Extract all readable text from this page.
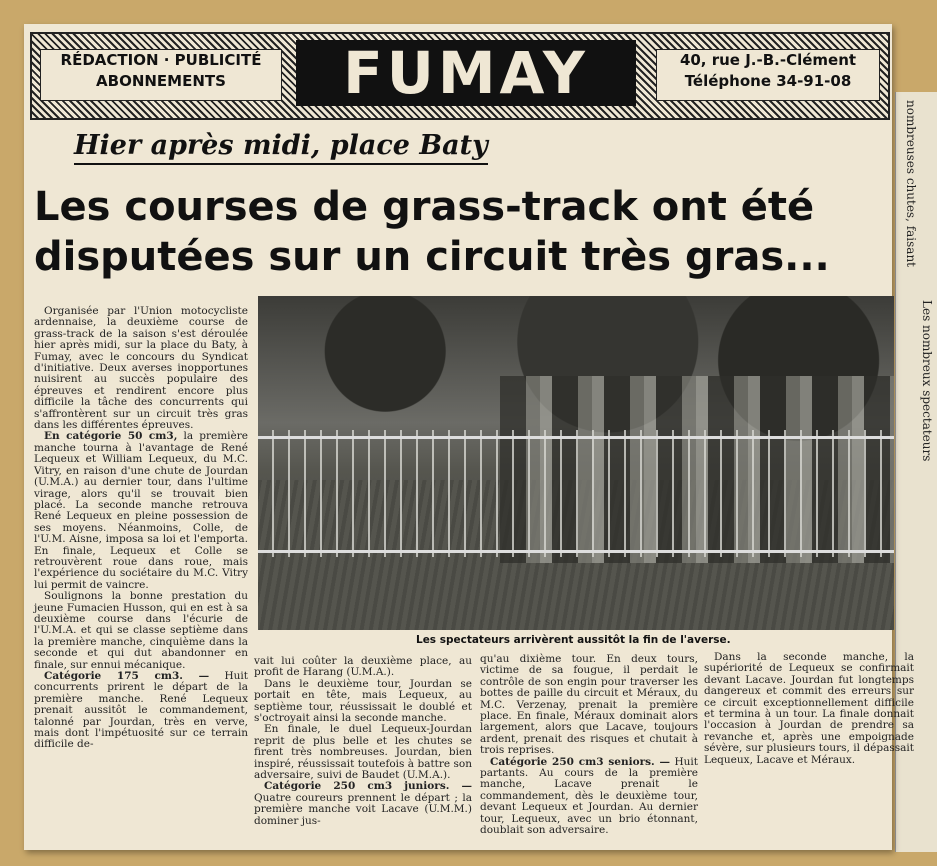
nombreuses chutes, faisant
Les nombreux spectateurs
RÉDACTION · PUBLICITÉ
ABONNEMENTS	FUMAY	40, rue J.-B.-Clément
Téléphone 34-91-08
Hier après midi, place Baty
Les courses de grass-track ont été disputées sur un circuit très gras...

Organisée par l'Union motocycliste ardennaise, la deuxième course de grass-track de la saison s'est déroulée hier après midi, sur la place du Baty, à Fumay, avec le concours du Syndicat d'initiative. Deux averses inopportunes nuisirent au succès populaire des épreuves et rendirent encore plus difficile la tâche des concurrents qui s'affrontèrent sur un circuit très gras dans les différentes épreuves.

En catégorie 50 cm3, la première manche tourna à l'avantage de René Lequeux et William Lequeux, du M.C. Vitry, en raison d'une chute de Jourdan (U.M.A.) au dernier tour, dans l'ultime virage, alors qu'il se trouvait bien placé. La seconde manche retrouva René Lequeux en pleine possession de ses moyens. Néanmoins, Colle, de l'U.M. Aisne, imposa sa loi et l'emporta. En finale, Lequeux et Colle se retrouvèrent roue dans roue, mais l'expérience du sociétaire du M.C. Vitry lui permit de vaincre.

Soulignons la bonne prestation du jeune Fumacien Husson, qui en est à sa deuxième course dans l'écurie de l'U.M.A. et qui se classe septième dans la première manche, cinquième dans la seconde et qui dut abandonner en finale, sur ennui mécanique.

Catégorie 175 cm3. — Huit concurrents prirent le départ de la première manche. René Lequeux prenait aussitôt le commandement, talonné par Jourdan, très en verve, mais dont l'impétuosité sur ce terrain difficile de-

Les spectateurs arrivèrent aussitôt la fin de l'averse.

vait lui coûter la deuxième place, au profit de Harang (U.M.A.).

Dans le deuxième tour, Jourdan se portait en tête, mais Lequeux, au septième tour, réussissait le doublé et s'octroyait ainsi la seconde manche.

En finale, le duel Lequeux-Jourdan reprit de plus belle et les chutes se firent très nombreuses. Jourdan, bien inspiré, réussissait toutefois à battre son adversaire, suivi de Baudet (U.M.A.).

Catégorie 250 cm3 juniors. — Quatre coureurs prennent le départ ; la première manche voit Lacave (U.M.M.) dominer jus-

qu'au dixième tour. En deux tours, victime de sa fougue, il perdait le contrôle de son engin pour traverser les bottes de paille du circuit et Méraux, du M.C. Verzenay, prenait la première place. En finale, Méraux dominait alors largement, alors que Lacave, toujours ardent, prenait des risques et chutait à trois reprises.

Catégorie 250 cm3 seniors. — Huit partants. Au cours de la première manche, Lacave prenait le commandement, dès le deuxième tour, devant Lequeux et Jourdan. Au dernier tour, Lequeux, avec un brio étonnant, doublait son adversaire.

Dans la seconde manche, la supériorité de Lequeux se confirmait devant Lacave. Jourdan fut longtemps dangereux et commit des erreurs sur ce circuit exceptionnellement difficile et termina à un tour. La finale donnait l'occasion à Jourdan de prendre sa revanche et, après une empoignade sévère, sur plusieurs tours, il dépassait Lequeux, Lacave et Méraux.
